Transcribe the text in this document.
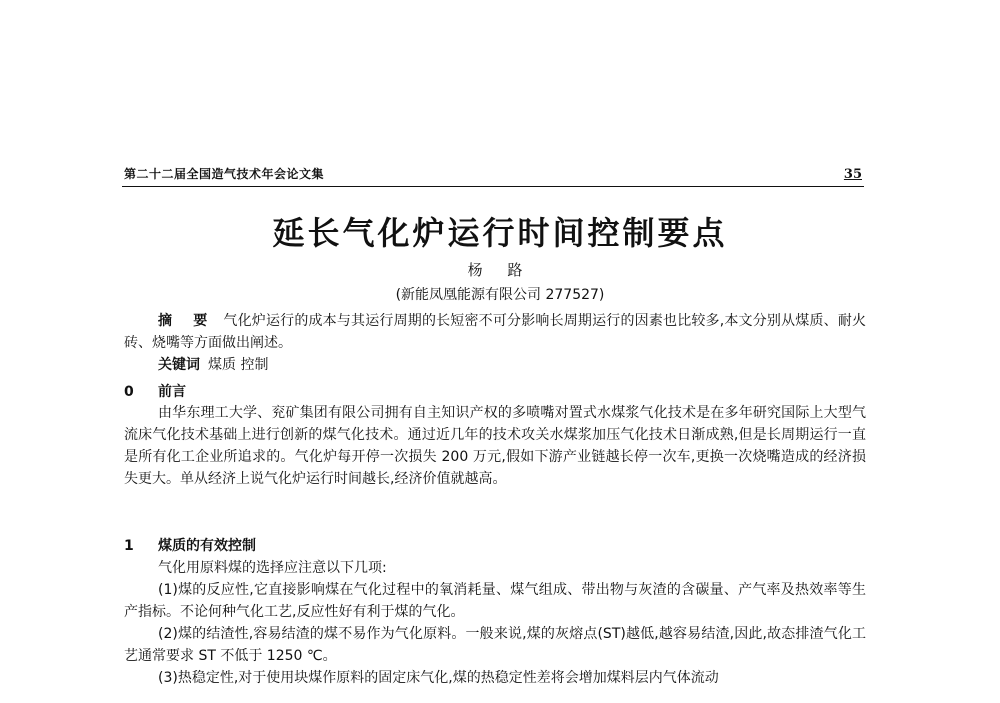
第二十二届全国造气技术年会论文集	35
延长气化炉运行时间控制要点
杨 路
(新能凤凰能源有限公司 277527)
摘 要 气化炉运行的成本与其运行周期的长短密不可分影响长周期运行的因素也比较多,本文分别从煤质、耐火砖、烧嘴等方面做出阐述。
关键词 煤质 控制
0 前言

由华东理工大学、兖矿集团有限公司拥有自主知识产权的多喷嘴对置式水煤浆气化技术是在多年研究国际上大型气流床气化技术基础上进行创新的煤气化技术。通过近几年的技术攻关水煤浆加压气化技术日渐成熟,但是长周期运行一直是所有化工企业所追求的。气化炉每开停一次损失 200 万元,假如下游产业链越长停一次车,更换一次烧嘴造成的经济损失更大。单从经济上说气化炉运行时间越长,经济价值就越高。

1 煤质的有效控制

气化用原料煤的选择应注意以下几项:

(1)煤的反应性,它直接影响煤在气化过程中的氧消耗量、煤气组成、带出物与灰渣的含碳量、产气率及热效率等生产指标。不论何种气化工艺,反应性好有利于煤的气化。

(2)煤的结渣性,容易结渣的煤不易作为气化原料。一般来说,煤的灰熔点(ST)越低,越容易结渣,因此,故态排渣气化工艺通常要求 ST 不低于 1250 ℃。

(3)热稳定性,对于使用块煤作原料的固定床气化,煤的热稳定性差将会增加煤料层内气体流动
